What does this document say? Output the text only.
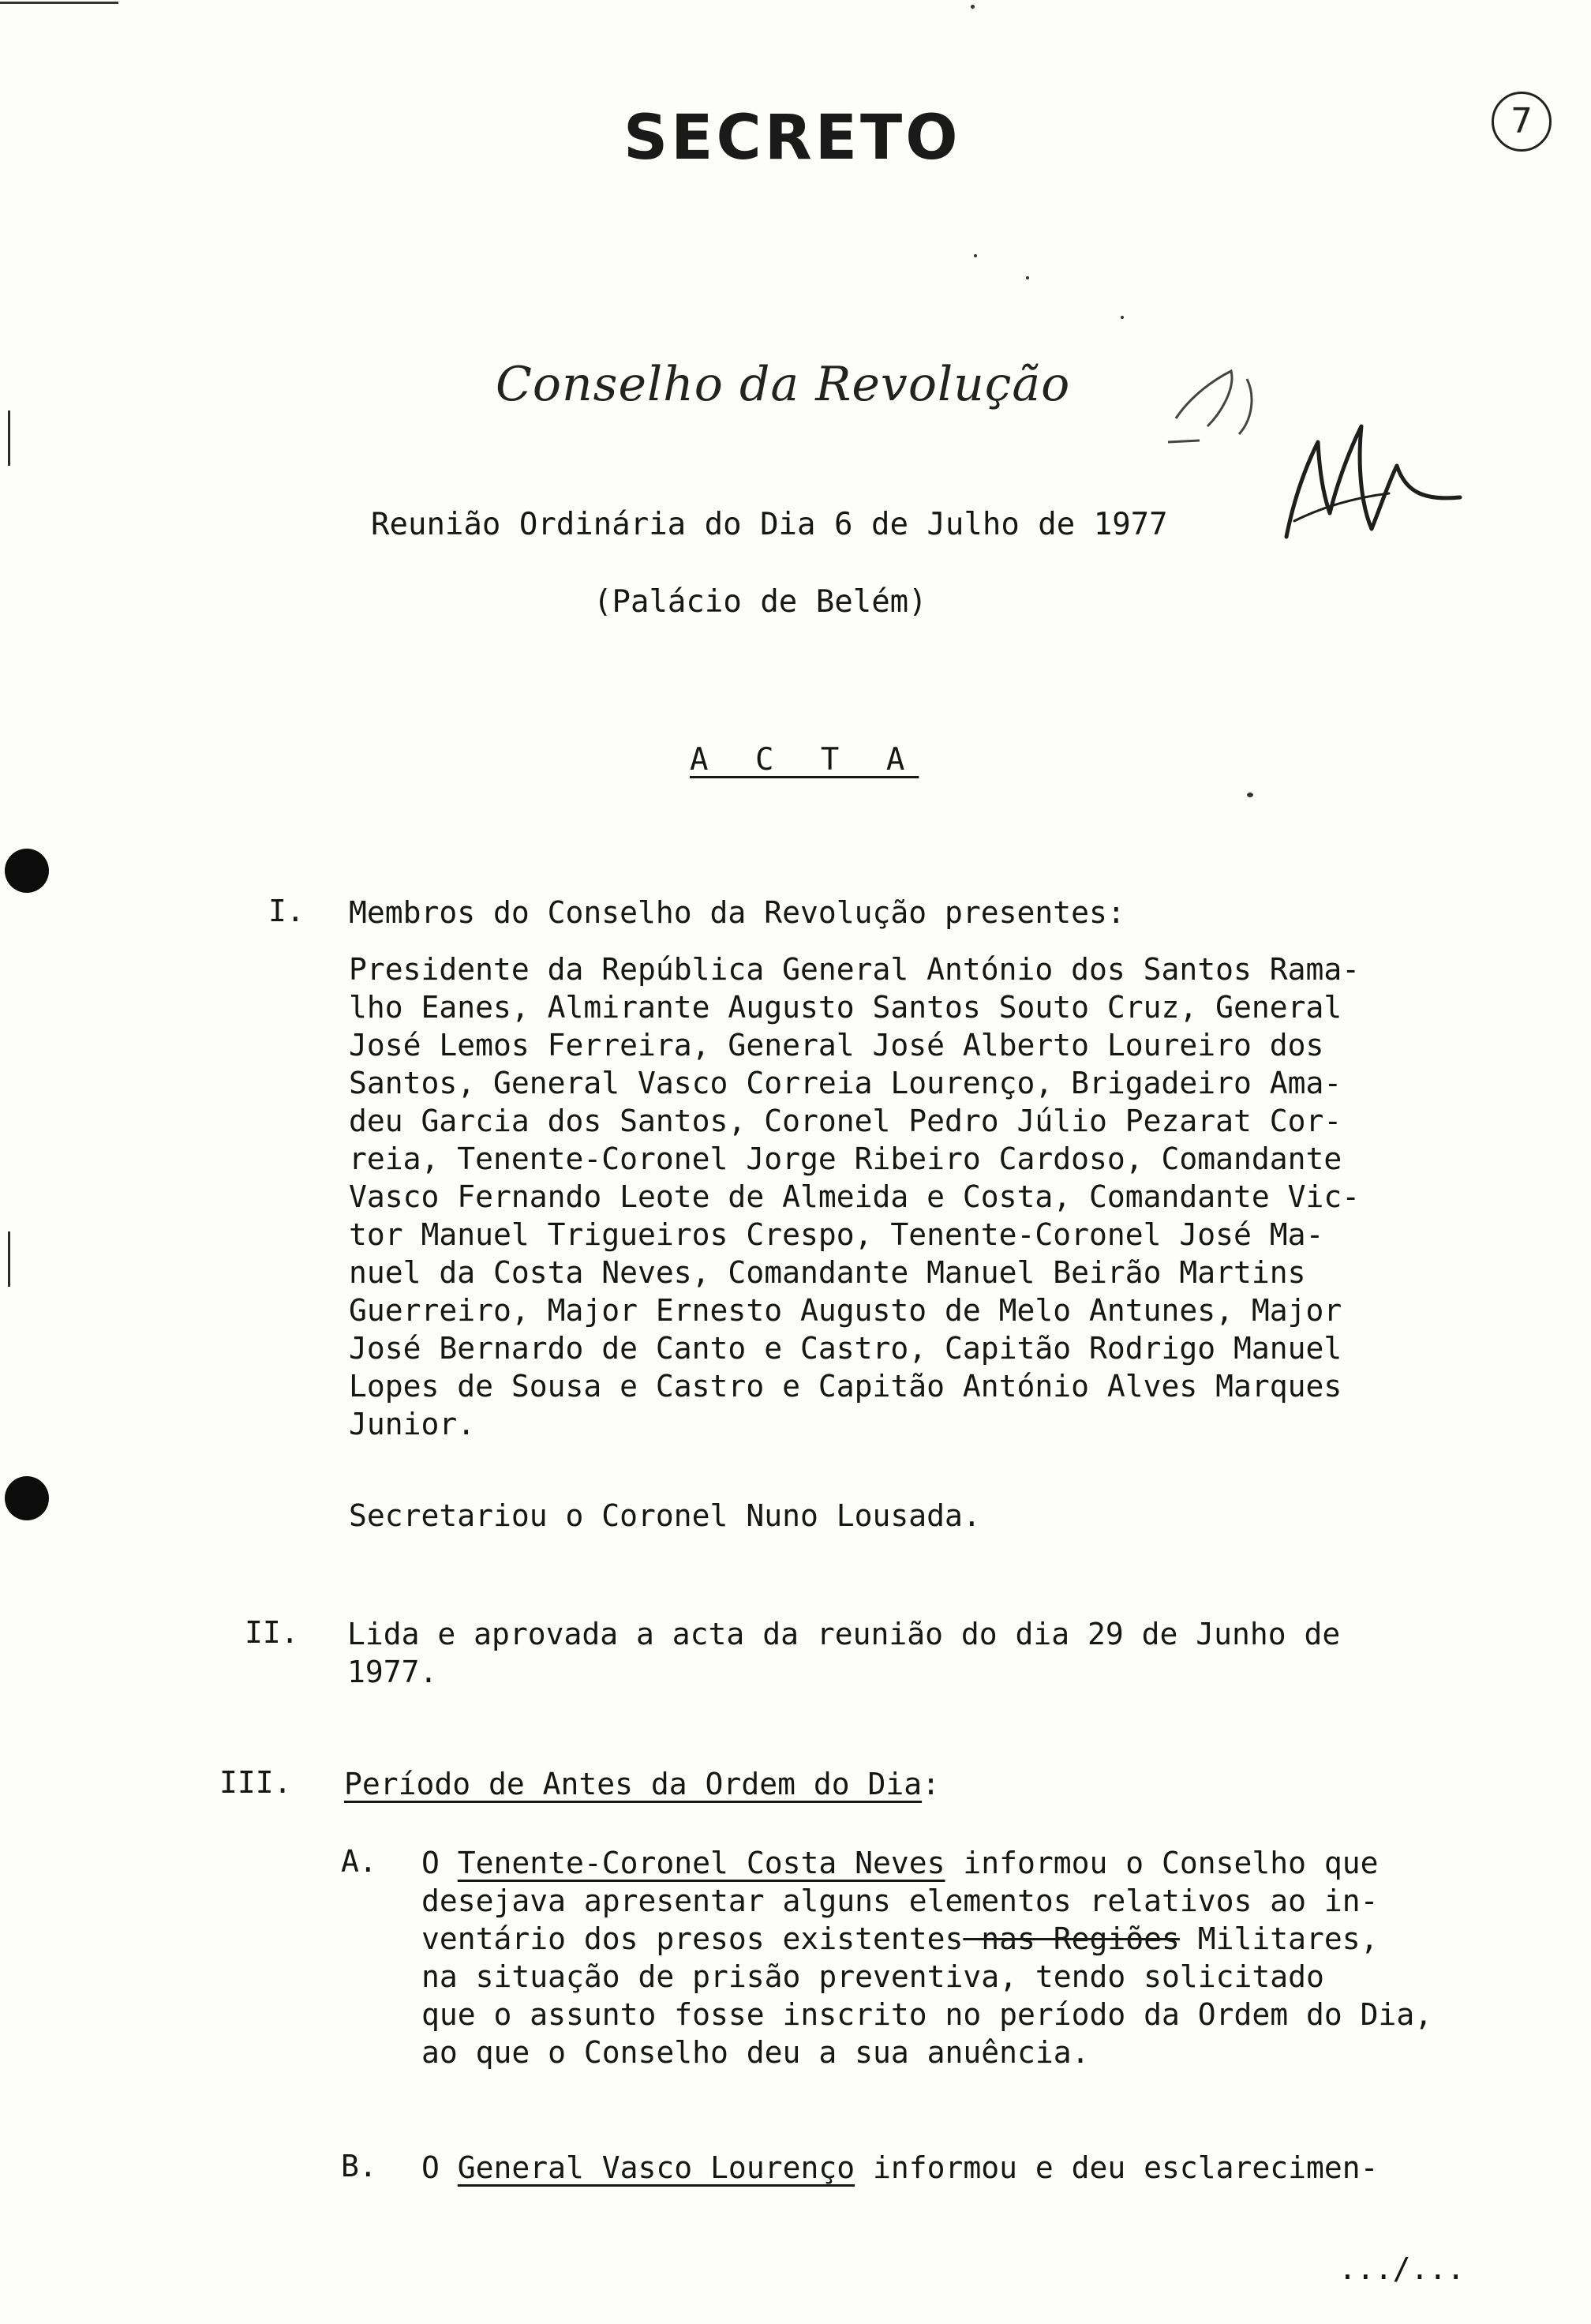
SECRETO	7
Conselho da Revolução
Reunião Ordinária do Dia 6 de Julho de 1977
(Palácio de Belém)
A C T A
I. Membros do Conselho da Revolução presentes:
Presidente da República General António dos Santos Rama-
lho Eanes, Almirante Augusto Santos Souto Cruz, General
José Lemos Ferreira, General José Alberto Loureiro dos
Santos, General Vasco Correia Lourenço, Brigadeiro Ama-
deu Garcia dos Santos, Coronel Pedro Júlio Pezarat Cor-
reia, Tenente-Coronel Jorge Ribeiro Cardoso, Comandante
Vasco Fernando Leote de Almeida e Costa, Comandante Vic-
tor Manuel Trigueiros Crespo, Tenente-Coronel José Ma-
nuel da Costa Neves, Comandante Manuel Beirão Martins
Guerreiro, Major Ernesto Augusto de Melo Antunes, Major
José Bernardo de Canto e Castro, Capitão Rodrigo Manuel
Lopes de Sousa e Castro e Capitão António Alves Marques
Junior.
Secretariou o Coronel Nuno Lousada.
II. Lida e aprovada a acta da reunião do dia 29 de Junho de
1977.
III. Período de Antes da Ordem do Dia:
A. O Tenente-Coronel Costa Neves informou o Conselho que
desejava apresentar alguns elementos relativos ao in-
ventário dos presos existentes nas Regiões Militares,
na situação de prisão preventiva, tendo solicitado
que o assunto fosse inscrito no período da Ordem do Dia,
ao que o Conselho deu a sua anuência.
B. O General Vasco Lourenço informou e deu esclarecimen-
.../...
